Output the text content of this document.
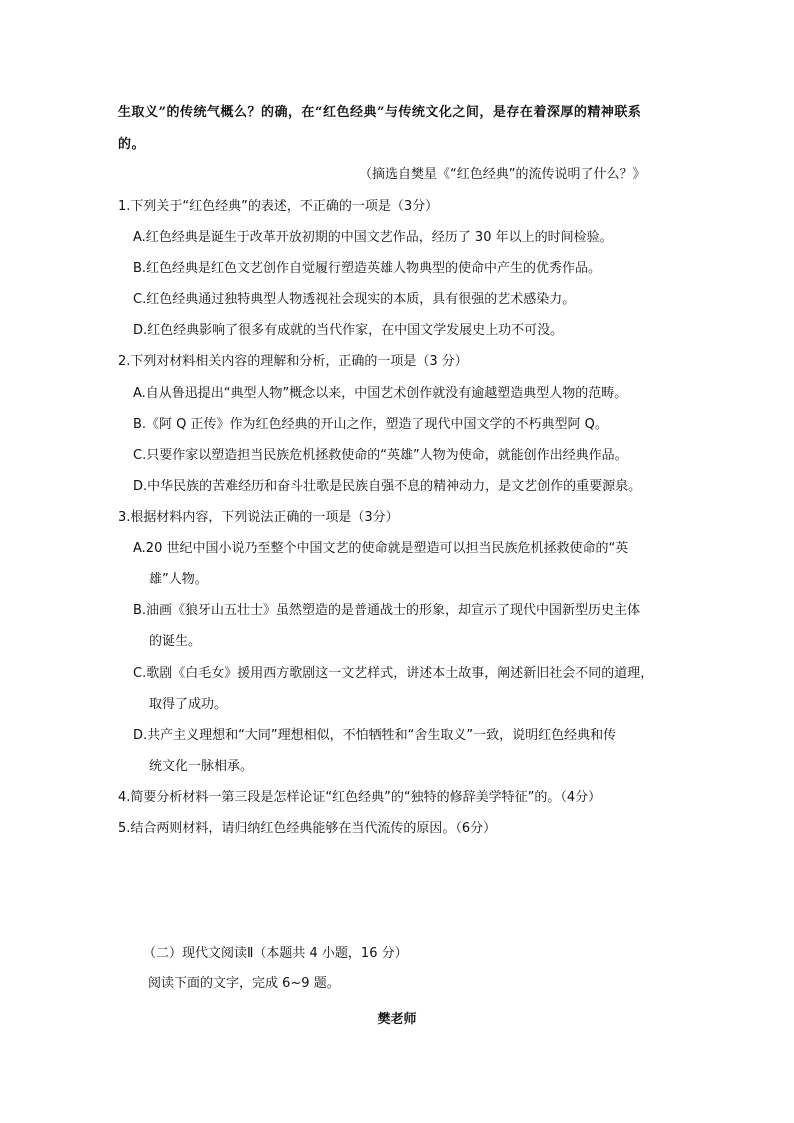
生取义”的传统气概么？的确，在“红色经典”与传统文化之间，是存在着深厚的精神联系
的。
（摘选自樊星《“红色经典”的流传说明了什么？》
1.下列关于“红色经典”的表述，不正确的一项是（3分）
A.红色经典是诞生于改革开放初期的中国文艺作品，经历了 30 年以上的时间检验。
B.红色经典是红色文艺创作自觉履行塑造英雄人物典型的使命中产生的优秀作品。
C.红色经典通过独特典型人物透视社会现实的本质，具有很强的艺术感染力。
D.红色经典影响了很多有成就的当代作家，在中国文学发展史上功不可没。
2.下列对材料相关内容的理解和分析，正确的一项是（3 分）
A.自从鲁迅提出“典型人物”概念以来，中国艺术创作就没有逾越塑造典型人物的范畴。
B.《阿 Q 正传》作为红色经典的开山之作，塑造了现代中国文学的不朽典型阿 Q。
C.只要作家以塑造担当民族危机拯救使命的“英雄”人物为使命，就能创作出经典作品。
D.中华民族的苦难经历和奋斗壮歌是民族自强不息的精神动力，是文艺创作的重要源泉。
3.根据材料内容，下列说法正确的一项是（3分）
A.20 世纪中国小说乃至整个中国文艺的使命就是塑造可以担当民族危机拯救使命的“英
雄”人物。
B.油画《狼牙山五壮士》虽然塑造的是普通战士的形象，却宣示了现代中国新型历史主体
的诞生。
C.歌剧《白毛女》援用西方歌剧这一文艺样式，讲述本土故事，阐述新旧社会不同的道理，
取得了成功。
D.共产主义理想和“大同”理想相似，不怕牺牲和“舍生取义”一致，说明红色经典和传
统文化一脉相承。
4.简要分析材料一第三段是怎样论证“红色经典”的“独特的修辞美学特征”的。（4分）
5.结合两则材料，请归纳红色经典能够在当代流传的原因。（6分）
（二）现代文阅读Ⅱ（本题共 4 小题，16 分）
阅读下面的文字，完成 6~9 题。
樊老师
